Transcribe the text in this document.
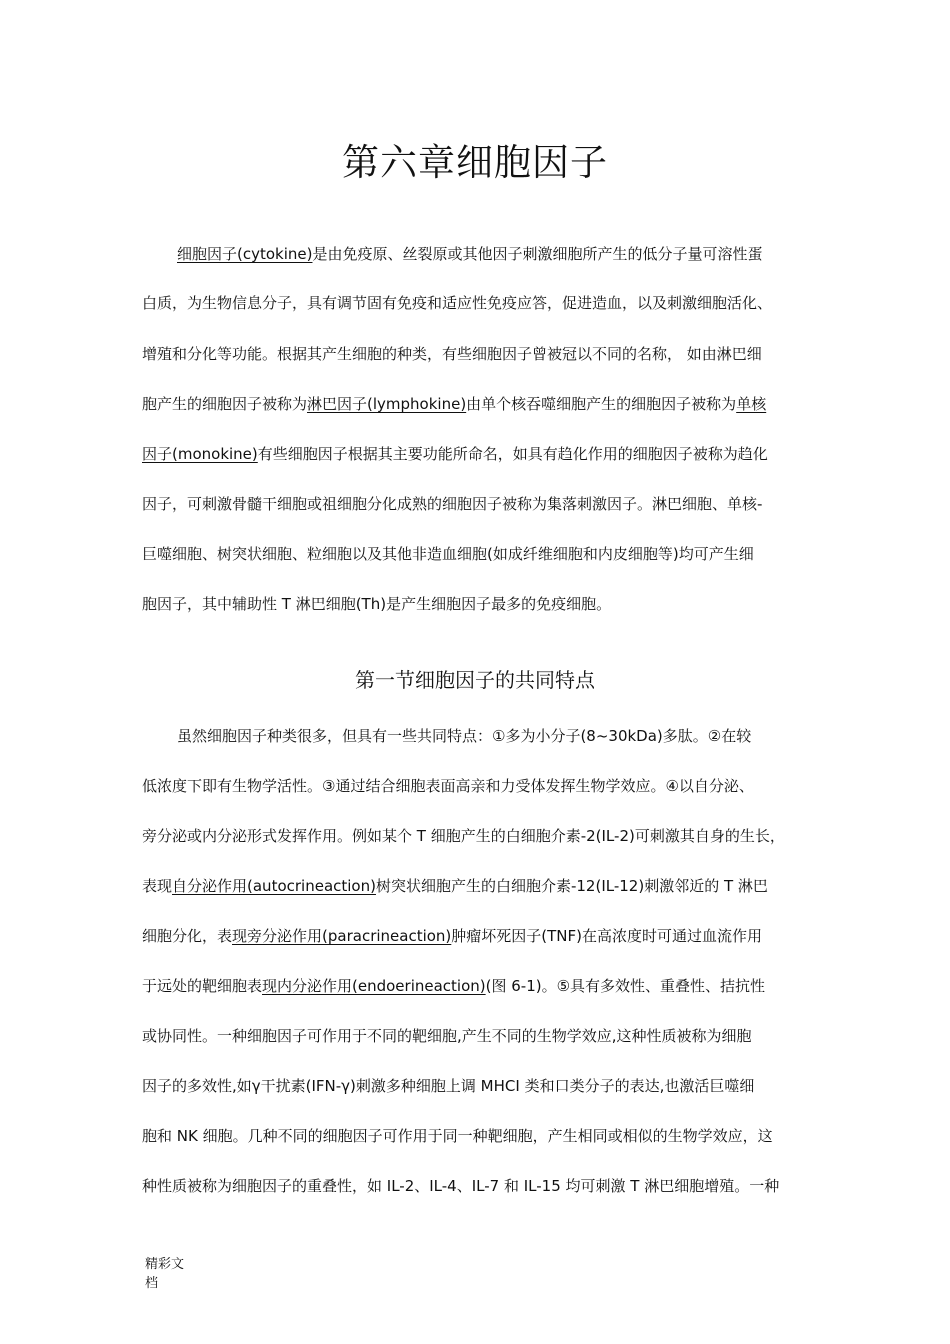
第六章细胞因子
细胞因子(cytokine)是由免疫原、丝裂原或其他因子刺激细胞所产生的低分子量可溶性蛋
白质，为生物信息分子，具有调节固有免疫和适应性免疫应答，促进造血，以及刺激细胞活化、
增殖和分化等功能。根据其产生细胞的种类，有些细胞因子曾被冠以不同的名称， 如由淋巴细
胞产生的细胞因子被称为淋巴因子(lymphokine)由单个核吞噬细胞产生的细胞因子被称为单核
因子(monokine)有些细胞因子根据其主要功能所命名，如具有趋化作用的细胞因子被称为趋化
因子，可刺激骨髓干细胞或祖细胞分化成熟的细胞因子被称为集落刺激因子。淋巴细胞、单核-
巨噬细胞、树突状细胞、粒细胞以及其他非造血细胞(如成纤维细胞和内皮细胞等)均可产生细
胞因子，其中辅助性 T 淋巴细胞(Th)是产生细胞因子最多的免疫细胞。
第一节细胞因子的共同特点
虽然细胞因子种类很多，但具有一些共同特点：①多为小分子(8~30kDa)多肽。②在较
低浓度下即有生物学活性。③通过结合细胞表面高亲和力受体发挥生物学效应。④以自分泌、
旁分泌或内分泌形式发挥作用。例如某个 T 细胞产生的白细胞介素-2(IL-2)可刺激其自身的生长，
表现自分泌作用(autocrineaction)树突状细胞产生的白细胞介素-12(IL-12)刺激邻近的 T 淋巴
细胞分化，表现旁分泌作用(paracrineaction)肿瘤坏死因子(TNF)在高浓度时可通过血流作用
于远处的靶细胞表现内分泌作用(endoerineaction)(图 6-1)。⑤具有多效性、重叠性、拮抗性
或协同性。一种细胞因子可作用于不同的靶细胞,产生不同的生物学效应,这种性质被称为细胞
因子的多效性,如γ干扰素(IFN-γ)刺激多种细胞上调 MHCI 类和口类分子的表达,也激活巨噬细
胞和 NK 细胞。几种不同的细胞因子可作用于同一种靶细胞，产生相同或相似的生物学效应，这
种性质被称为细胞因子的重叠性，如 IL-2、IL-4、IL-7 和 IL-15 均可刺激 T 淋巴细胞增殖。一种
精彩文
档
